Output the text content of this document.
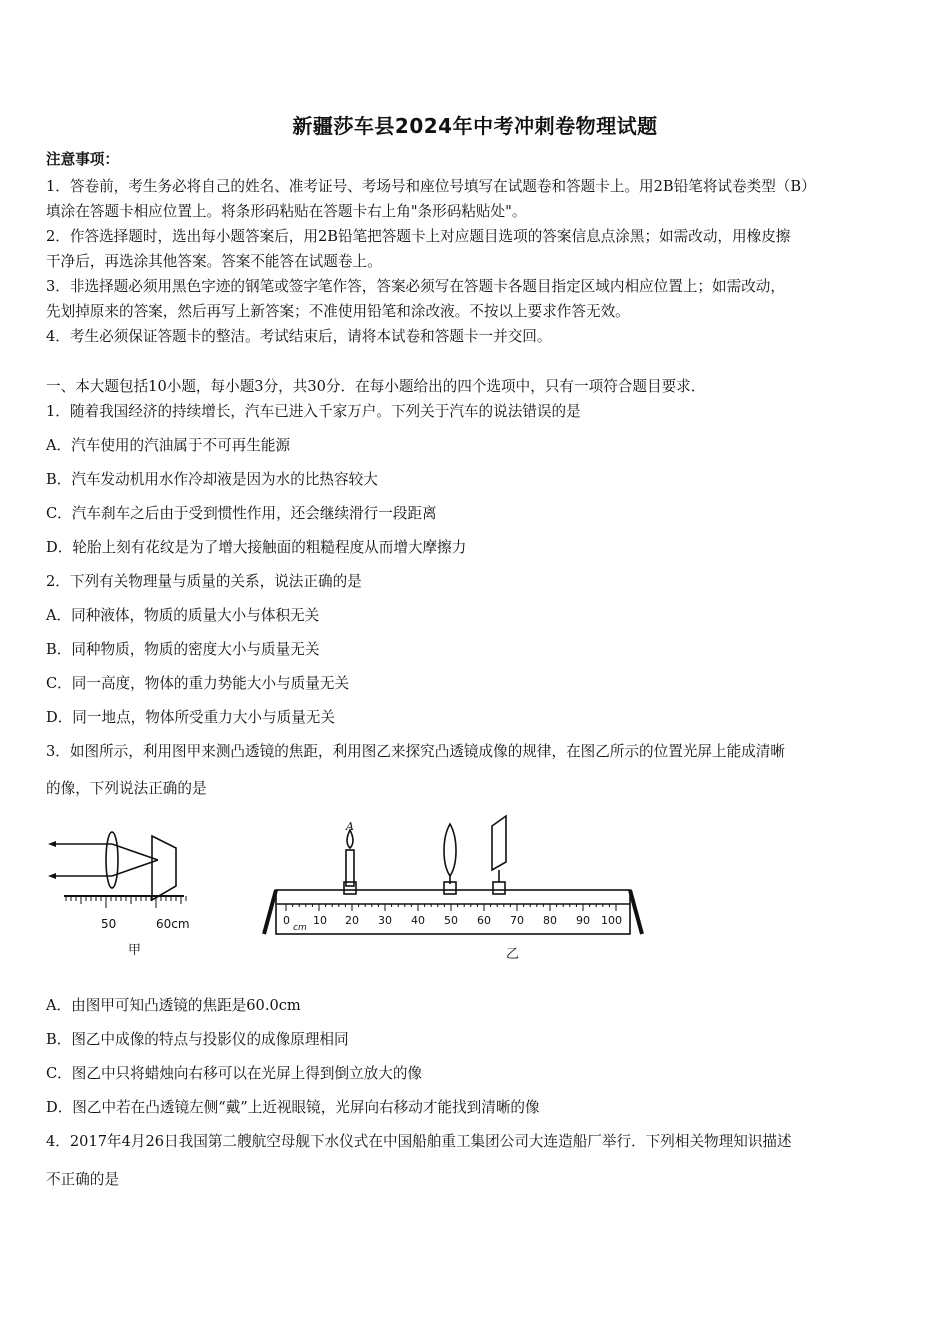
新疆莎车县2024年中考冲刺卷物理试题
注意事项：
1．答卷前，考生务必将自己的姓名、准考证号、考场号和座位号填写在试题卷和答题卡上。用2B铅笔将试卷类型（B）
填涂在答题卡相应位置上。将条形码粘贴在答题卡右上角"条形码粘贴处"。
2．作答选择题时，选出每小题答案后，用2B铅笔把答题卡上对应题目选项的答案信息点涂黑；如需改动，用橡皮擦
干净后，再选涂其他答案。答案不能答在试题卷上。
3．非选择题必须用黑色字迹的钢笔或签字笔作答，答案必须写在答题卡各题目指定区域内相应位置上；如需改动，
先划掉原来的答案，然后再写上新答案；不准使用铅笔和涂改液。不按以上要求作答无效。
4．考生必须保证答题卡的整洁。考试结束后，请将本试卷和答题卡一并交回。
一、本大题包括10小题，每小题3分，共30分．在每小题给出的四个选项中，只有一项符合题目要求．
1．随着我国经济的持续增长，汽车已进入千家万户。下列关于汽车的说法错误的是
A．汽车使用的汽油属于不可再生能源
B．汽车发动机用水作冷却液是因为水的比热容较大
C．汽车刹车之后由于受到惯性作用，还会继续滑行一段距离
D．轮胎上刻有花纹是为了增大接触面的粗糙程度从而增大摩擦力
2．下列有关物理量与质量的关系，说法正确的是
A．同种液体，物质的质量大小与体积无关
B．同种物质，物质的密度大小与质量无关
C．同一高度，物体的重力势能大小与质量无关
D．同一地点，物体所受重力大小与质量无关
3．如图所示，利用图甲来测凸透镜的焦距，利用图乙来探究凸透镜成像的规律，在图乙所示的位置光屏上能成清晰
的像，下列说法正确的是
50	60cm
甲
A
cm
0 10 20 30 40 50 60 70 80 90 100
乙
A．由图甲可知凸透镜的焦距是60.0cm
B．图乙中成像的特点与投影仪的成像原理相同
C．图乙中只将蜡烛向右移可以在光屏上得到倒立放大的像
D．图乙中若在凸透镜左侧“戴”上近视眼镜，光屏向右移动才能找到清晰的像
4．2017年4月26日我国第二艘航空母舰下水仪式在中国船舶重工集团公司大连造船厂举行．下列相关物理知识描述
不正确的是
